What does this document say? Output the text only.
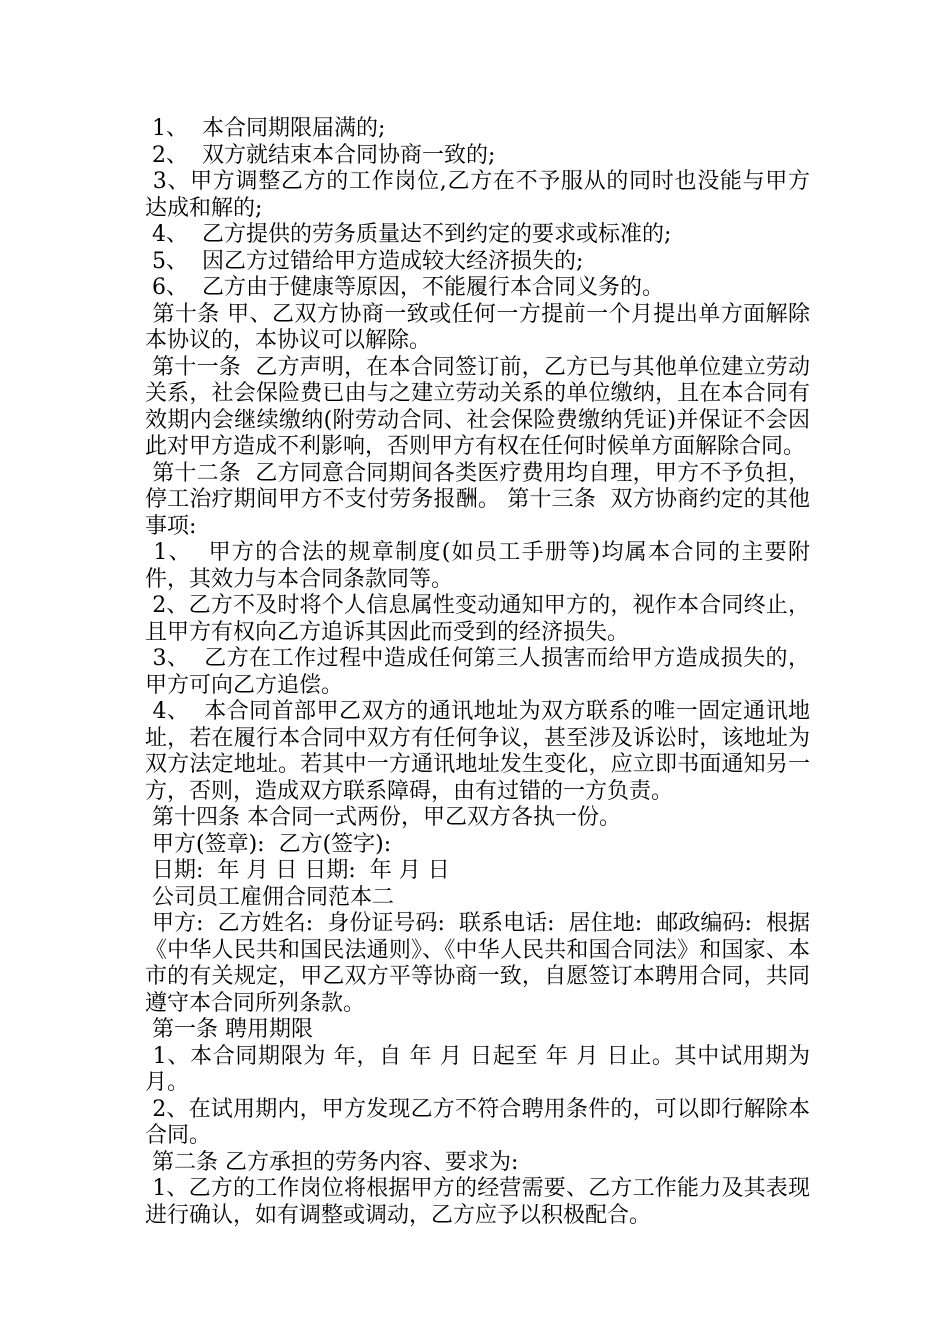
1、  本合同期限届满的;

2、  双方就结束本合同协商一致的;

3、甲方调整乙方的工作岗位,乙方在不予服从的同时也没能与甲方达成和解的;

4、  乙方提供的劳务质量达不到约定的要求或标准的;

5、  因乙方过错给甲方造成较大经济损失的;

6、  乙方由于健康等原因，不能履行本合同义务的。

第十条 甲、乙双方协商一致或任何一方提前一个月提出单方面解除本协议的，本协议可以解除。

第十一条  乙方声明，在本合同签订前，乙方已与其他单位建立劳动关系，社会保险费已由与之建立劳动关系的单位缴纳，且在本合同有效期内会继续缴纳(附劳动合同、社会保险费缴纳凭证)并保证不会因此对甲方造成不利影响，否则甲方有权在任何时候单方面解除合同。

第十二条  乙方同意合同期间各类医疗费用均自理，甲方不予负担，停工治疗期间甲方不支付劳务报酬。 第十三条  双方协商约定的其他事项:

1、  甲方的合法的规章制度(如员工手册等)均属本合同的主要附件，其效力与本合同条款同等。

2、乙方不及时将个人信息属性变动通知甲方的，视作本合同终止，且甲方有权向乙方追诉其因此而受到的经济损失。

3、  乙方在工作过程中造成任何第三人损害而给甲方造成损失的，甲方可向乙方追偿。

4、  本合同首部甲乙双方的通讯地址为双方联系的唯一固定通讯地址，若在履行本合同中双方有任何争议，甚至涉及诉讼时，该地址为双方法定地址。若其中一方通讯地址发生变化，应立即书面通知另一方，否则，造成双方联系障碍，由有过错的一方负责。

第十四条 本合同一式两份，甲乙双方各执一份。

甲方(签章):  乙方(签字):

日期:  年 月 日 日期:  年 月 日

公司员工雇佣合同范本二

甲方:  乙方姓名:  身份证号码:  联系电话:  居住地:  邮政编码:  根据《中华人民共和国民法通则》、《中华人民共和国合同法》和国家、本市的有关规定，甲乙双方平等协商一致，自愿签订本聘用合同，共同遵守本合同所列条款。

第一条 聘用期限

1、本合同期限为 年，自 年 月 日起至 年 月 日止。其中试用期为 月。

2、在试用期内，甲方发现乙方不符合聘用条件的，可以即行解除本合同。

第二条 乙方承担的劳务内容、要求为:

1、乙方的工作岗位将根据甲方的经营需要、乙方工作能力及其表现进行确认，如有调整或调动，乙方应予以积极配合。
